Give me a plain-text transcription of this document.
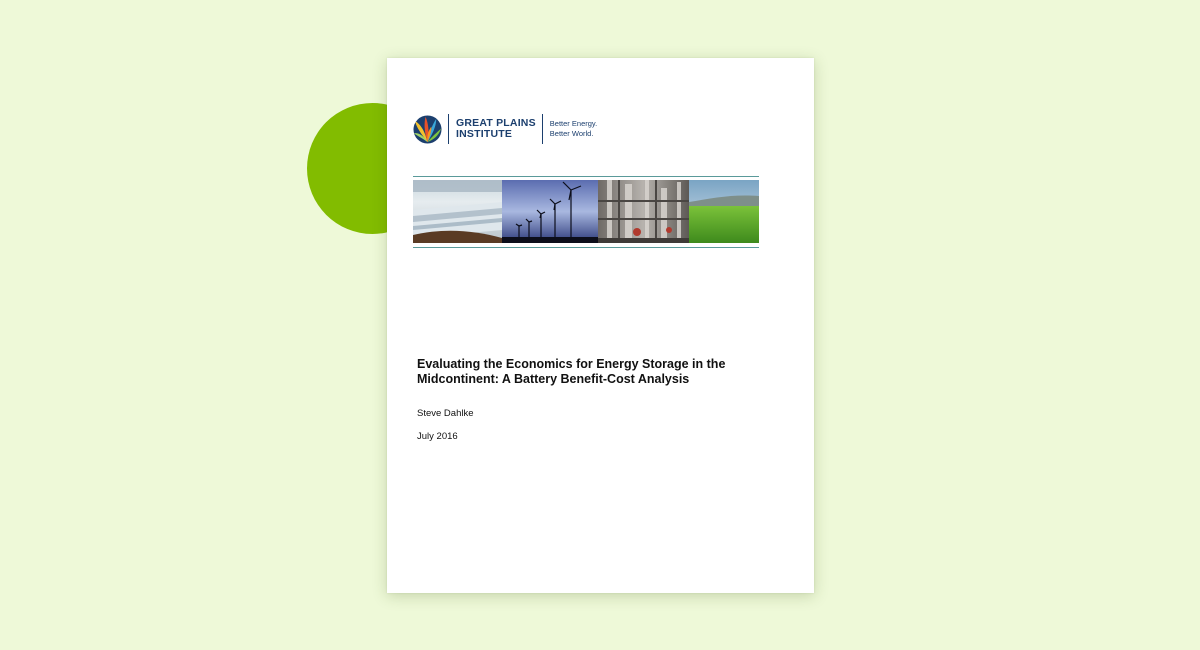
GREAT PLAINS
INSTITUTE
Better Energy.
Better World.
Evaluating the Economics for Energy Storage in the Midcontinent: A Battery Benefit-Cost Analysis
Steve Dahlke
July 2016
